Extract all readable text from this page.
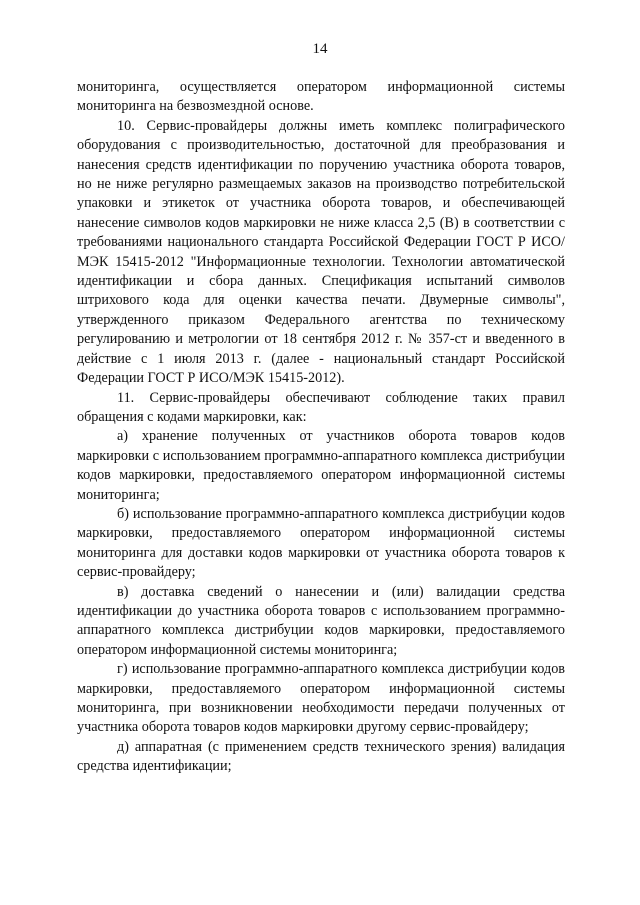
14

мониторинга, осуществляется оператором информационной системы мониторинга на безвозмездной основе.

10. Сервис-провайдеры должны иметь комплекс полиграфического оборудования с производительностью, достаточной для преобразования и нанесения средств идентификации по поручению участника оборота товаров, но не ниже регулярно размещаемых заказов на производство потребительской упаковки и этикеток от участника оборота товаров, и обеспечивающей нанесение символов кодов маркировки не ниже класса 2,5 (В) в соответствии с требованиями национального стандарта Российской Федерации ГОСТ Р ИСО/МЭК 15415-2012 "Информационные технологии. Технологии автоматической идентификации и сбора данных. Спецификация испытаний символов штрихового кода для оценки качества печати. Двумерные символы", утвержденного приказом Федерального агентства по техническому регулированию и метрологии от 18 сентября 2012 г. № 357-ст и введенного в действие с 1 июля 2013 г. (далее - национальный стандарт Российской Федерации ГОСТ Р ИСО/МЭК 15415-2012).

11. Сервис-провайдеры обеспечивают соблюдение таких правил обращения с кодами маркировки, как:

а) хранение полученных от участников оборота товаров кодов маркировки с использованием программно-аппаратного комплекса дистрибуции кодов маркировки, предоставляемого оператором информационной системы мониторинга;

б) использование программно-аппаратного комплекса дистрибуции кодов маркировки, предоставляемого оператором информационной системы мониторинга для доставки кодов маркировки от участника оборота товаров к сервис-провайдеру;

в) доставка сведений о нанесении и (или) валидации средства идентификации до участника оборота товаров с использованием программно-аппаратного комплекса дистрибуции кодов маркировки, предоставляемого оператором информационной системы мониторинга;

г) использование программно-аппаратного комплекса дистрибуции кодов маркировки, предоставляемого оператором информационной системы мониторинга, при возникновении необходимости передачи полученных от участника оборота товаров кодов маркировки другому сервис-провайдеру;

д) аппаратная (с применением средств технического зрения) валидация средства идентификации;
